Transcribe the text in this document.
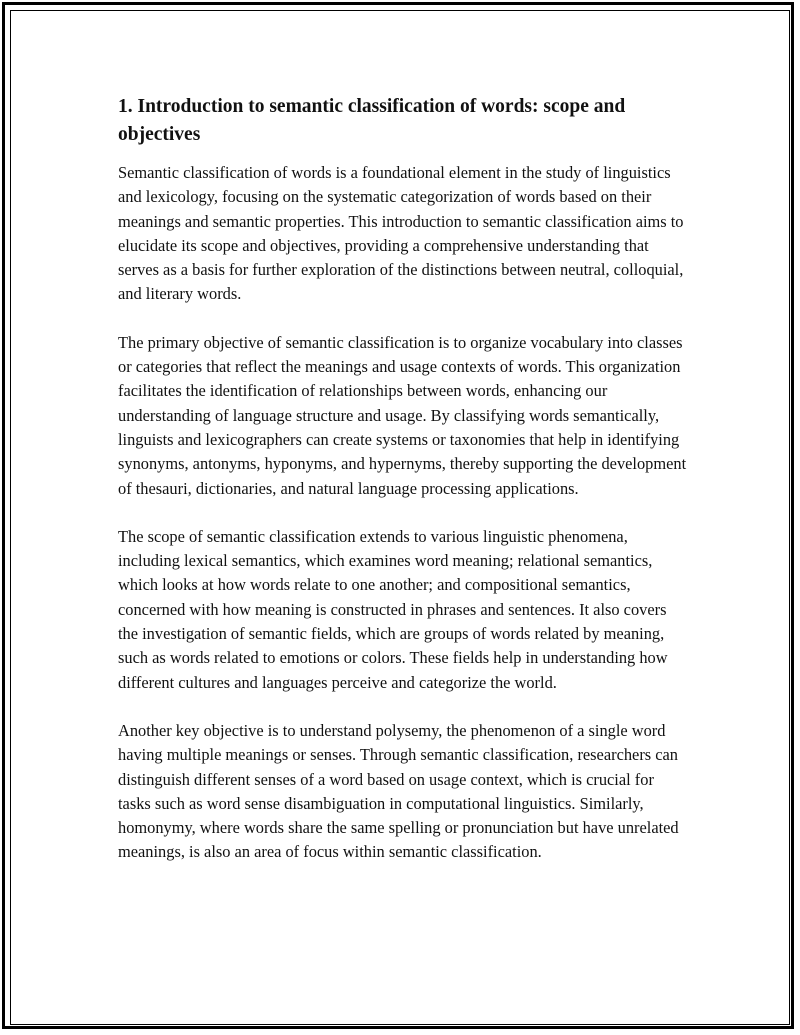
1. Introduction to semantic classification of words: scope and objectives

Semantic classification of words is a foundational element in the study of linguistics and lexicology, focusing on the systematic categorization of words based on their meanings and semantic properties. This introduction to semantic classification aims to elucidate its scope and objectives, providing a comprehensive understanding that serves as a basis for further exploration of the distinctions between neutral, colloquial, and literary words.

The primary objective of semantic classification is to organize vocabulary into classes or categories that reflect the meanings and usage contexts of words. This organization facilitates the identification of relationships between words, enhancing our understanding of language structure and usage. By classifying words semantically, linguists and lexicographers can create systems or taxonomies that help in identifying synonyms, antonyms, hyponyms, and hypernyms, thereby supporting the development of thesauri, dictionaries, and natural language processing applications.

The scope of semantic classification extends to various linguistic phenomena, including lexical semantics, which examines word meaning; relational semantics, which looks at how words relate to one another; and compositional semantics, concerned with how meaning is constructed in phrases and sentences. It also covers the investigation of semantic fields, which are groups of words related by meaning, such as words related to emotions or colors. These fields help in understanding how different cultures and languages perceive and categorize the world.

Another key objective is to understand polysemy, the phenomenon of a single word having multiple meanings or senses. Through semantic classification, researchers can distinguish different senses of a word based on usage context, which is crucial for tasks such as word sense disambiguation in computational linguistics. Similarly, homonymy, where words share the same spelling or pronunciation but have unrelated meanings, is also an area of focus within semantic classification.
